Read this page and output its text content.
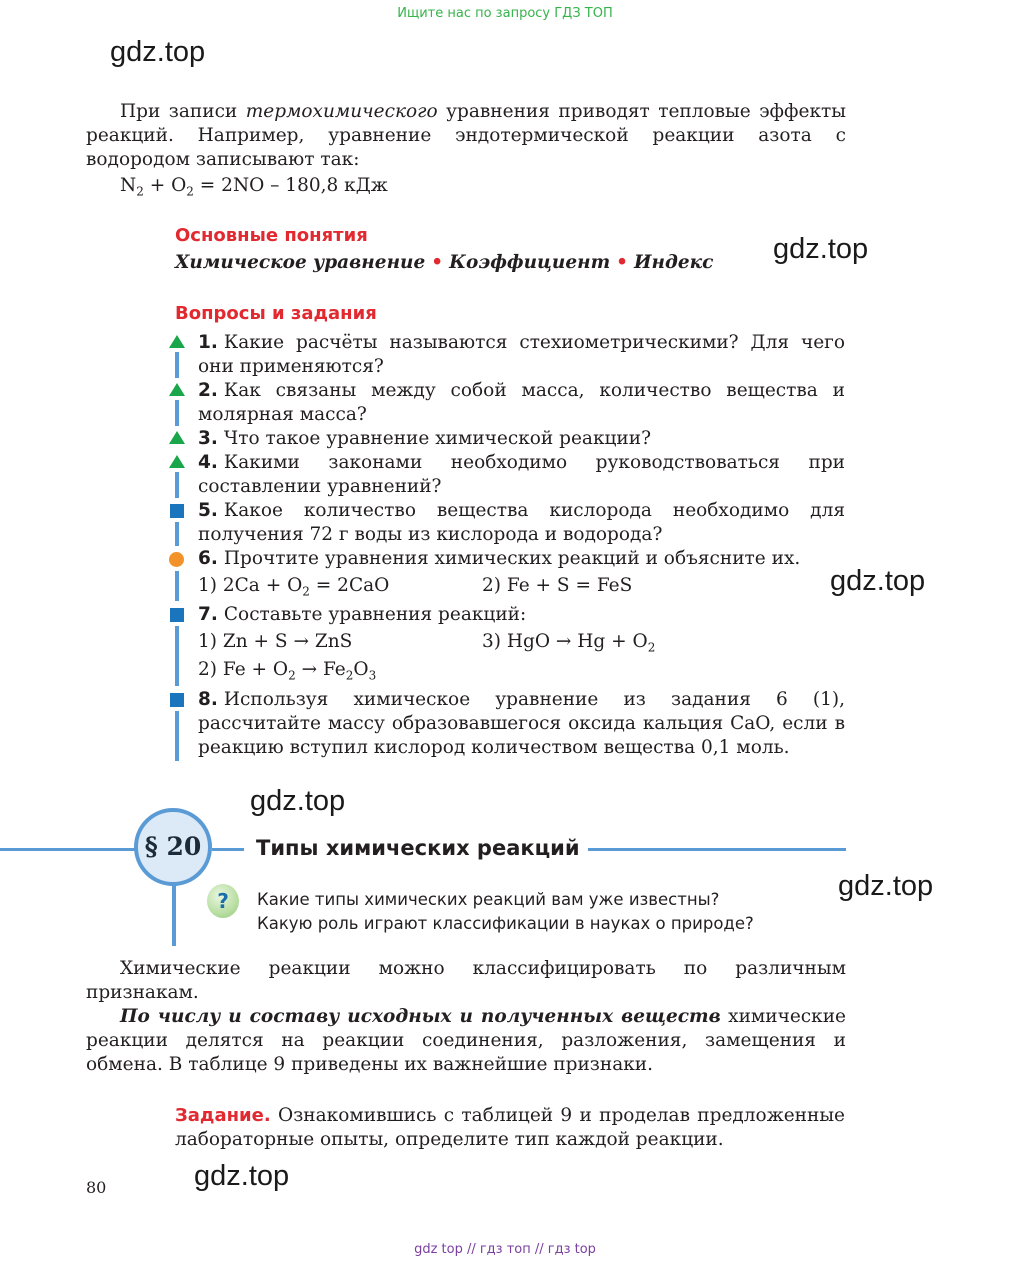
Ищите нас по запросу ГДЗ ТОП
gdz top // гдз топ // гдз top
gdz.top
gdz.top
gdz.top
gdz.top
gdz.top
gdz.top
При записи термохимического уравнения приводят тепловые эффекты реакций. Например, уравнение эндотермической реакции азота с водородом записывают так:
$N_2 + O_2 = 2NO - 180,8$ кДж
Основные понятия
Химическое уравнение • Коэффициент • Индекс
Вопросы и задания
1. Какие расчёты называются стехиометрическими? Для чего они применяются?
2. Как связаны между собой масса, количество вещества и молярная масса?
3. Что такое уравнение химической реакции?
4. Какими законами необходимо руководствоваться при составлении уравнений?
5. Какое количество вещества кислорода необходимо для получения 72 г воды из кислорода и водорода?
6. Прочтите уравнения химических реакций и объясните их.
1) $2Ca + O_2 = 2CaO$	2) Fe + S = FeS
7. Составьте уравнения реакций:
1) Zn + S → ZnS	3) HgO → $Hg + O_2$
2) $Fe + O_2 \to Fe_2O_3$
8. Используя химическое уравнение из задания 6 (1), рассчитайте массу образовавшегося оксида кальция CaO, если в реакцию вступил кислород количеством вещества 0,1 моль.
§ 20	Типы химических реакций
?	Какие типы химических реакций вам уже известны?
Какую роль играют классификации в науках о природе?
Химические реакции можно классифицировать по различным признакам.
По числу и составу исходных и полученных веществ химические реакции делятся на реакции соединения, разложения, замещения и обмена. В таблице 9 приведены их важнейшие признаки.
Задание. Ознакомившись с таблицей 9 и проделав предложенные лабораторные опыты, определите тип каждой реакции.
80
